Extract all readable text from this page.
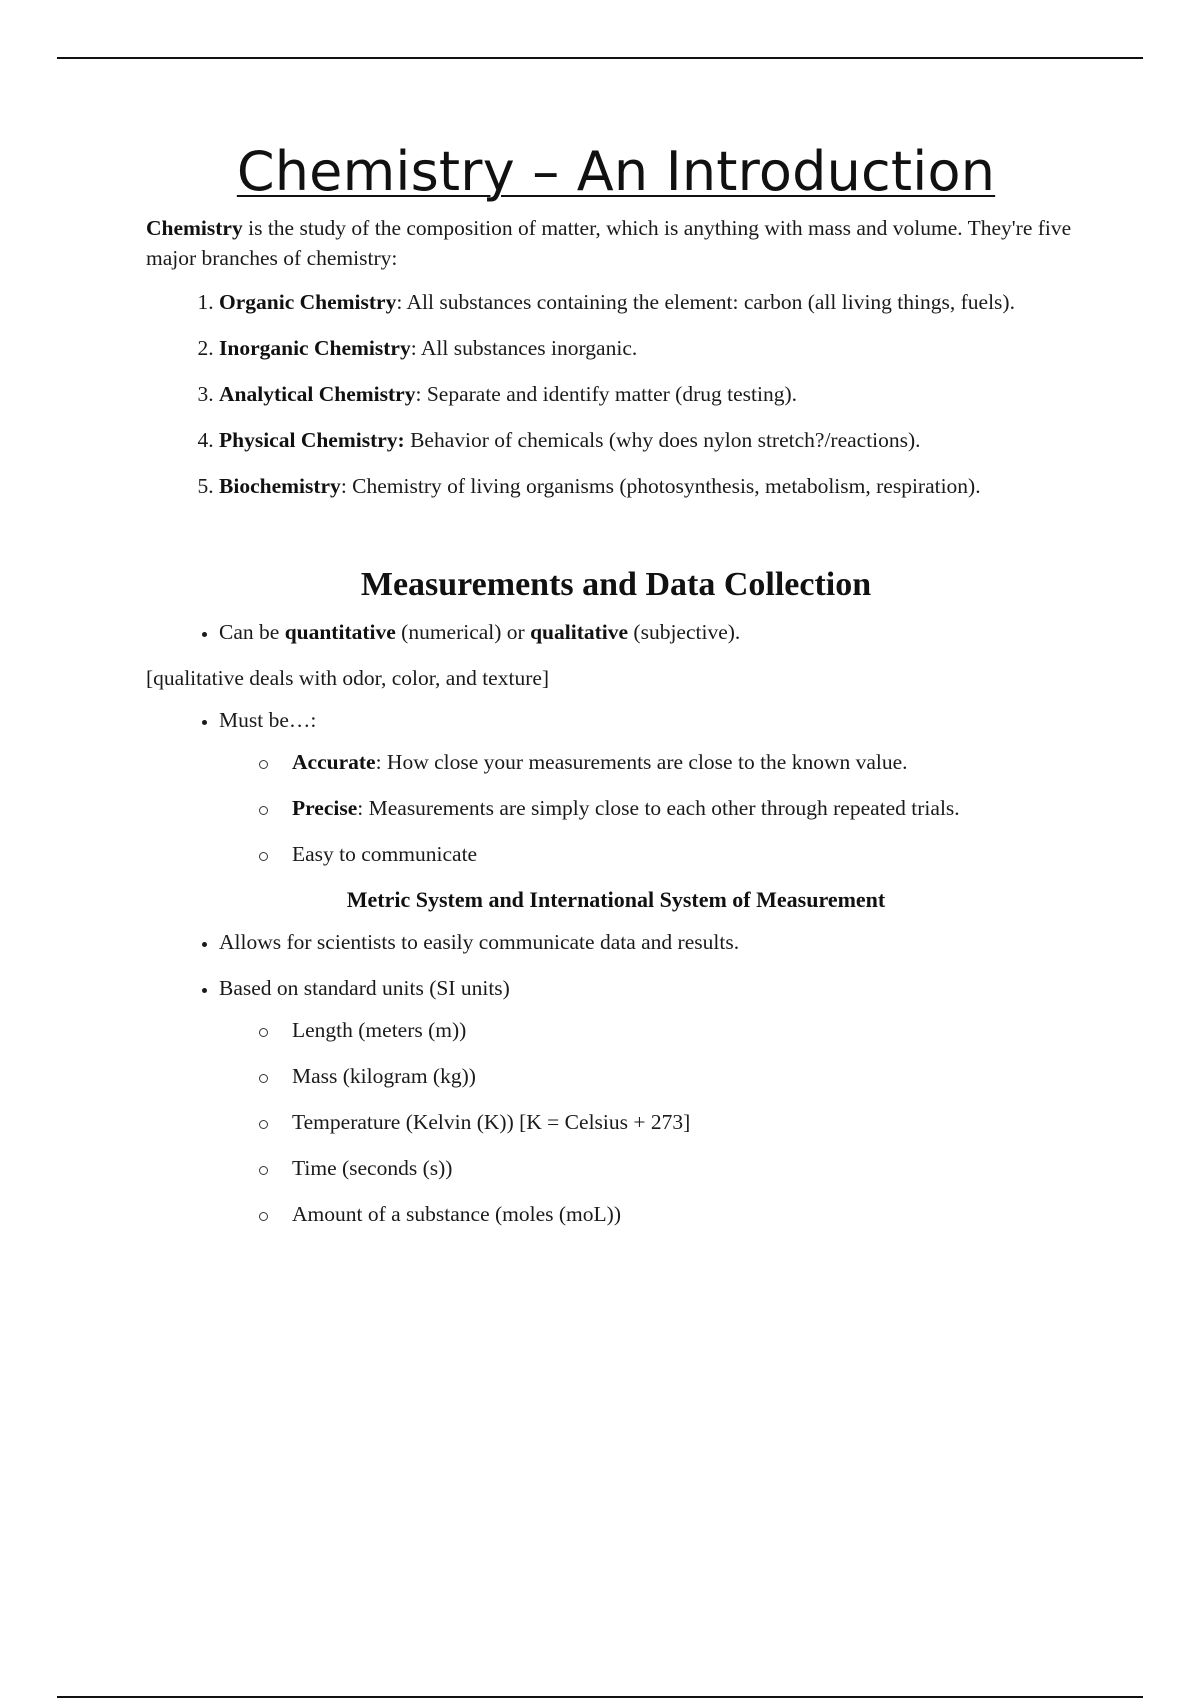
Chemistry – An Introduction

Chemistry is the study of the composition of matter, which is anything with mass and volume. They're five major branches of chemistry:

1. Organic Chemistry: All substances containing the element: carbon (all living things, fuels).
2. Inorganic Chemistry: All substances inorganic.
3. Analytical Chemistry: Separate and identify matter (drug testing).
4. Physical Chemistry: Behavior of chemicals (why does nylon stretch?/reactions).
5. Biochemistry: Chemistry of living organisms (photosynthesis, metabolism, respiration).
Measurements and Data Collection
• Can be quantitative (numerical) or qualitative (subjective).

[qualitative deals with odor, color, and texture]

• Must be…:
Accurate: How close your measurements are close to the known value.
Precise: Measurements are simply close to each other through repeated trials.
Easy to communicate
Metric System and International System of Measurement
• Allows for scientists to easily communicate data and results.
• Based on standard units (SI units)
Length (meters (m))
Mass (kilogram (kg))
Temperature (Kelvin (K)) [K = Celsius + 273]
Time (seconds (s))
Amount of a substance (moles (moL))
